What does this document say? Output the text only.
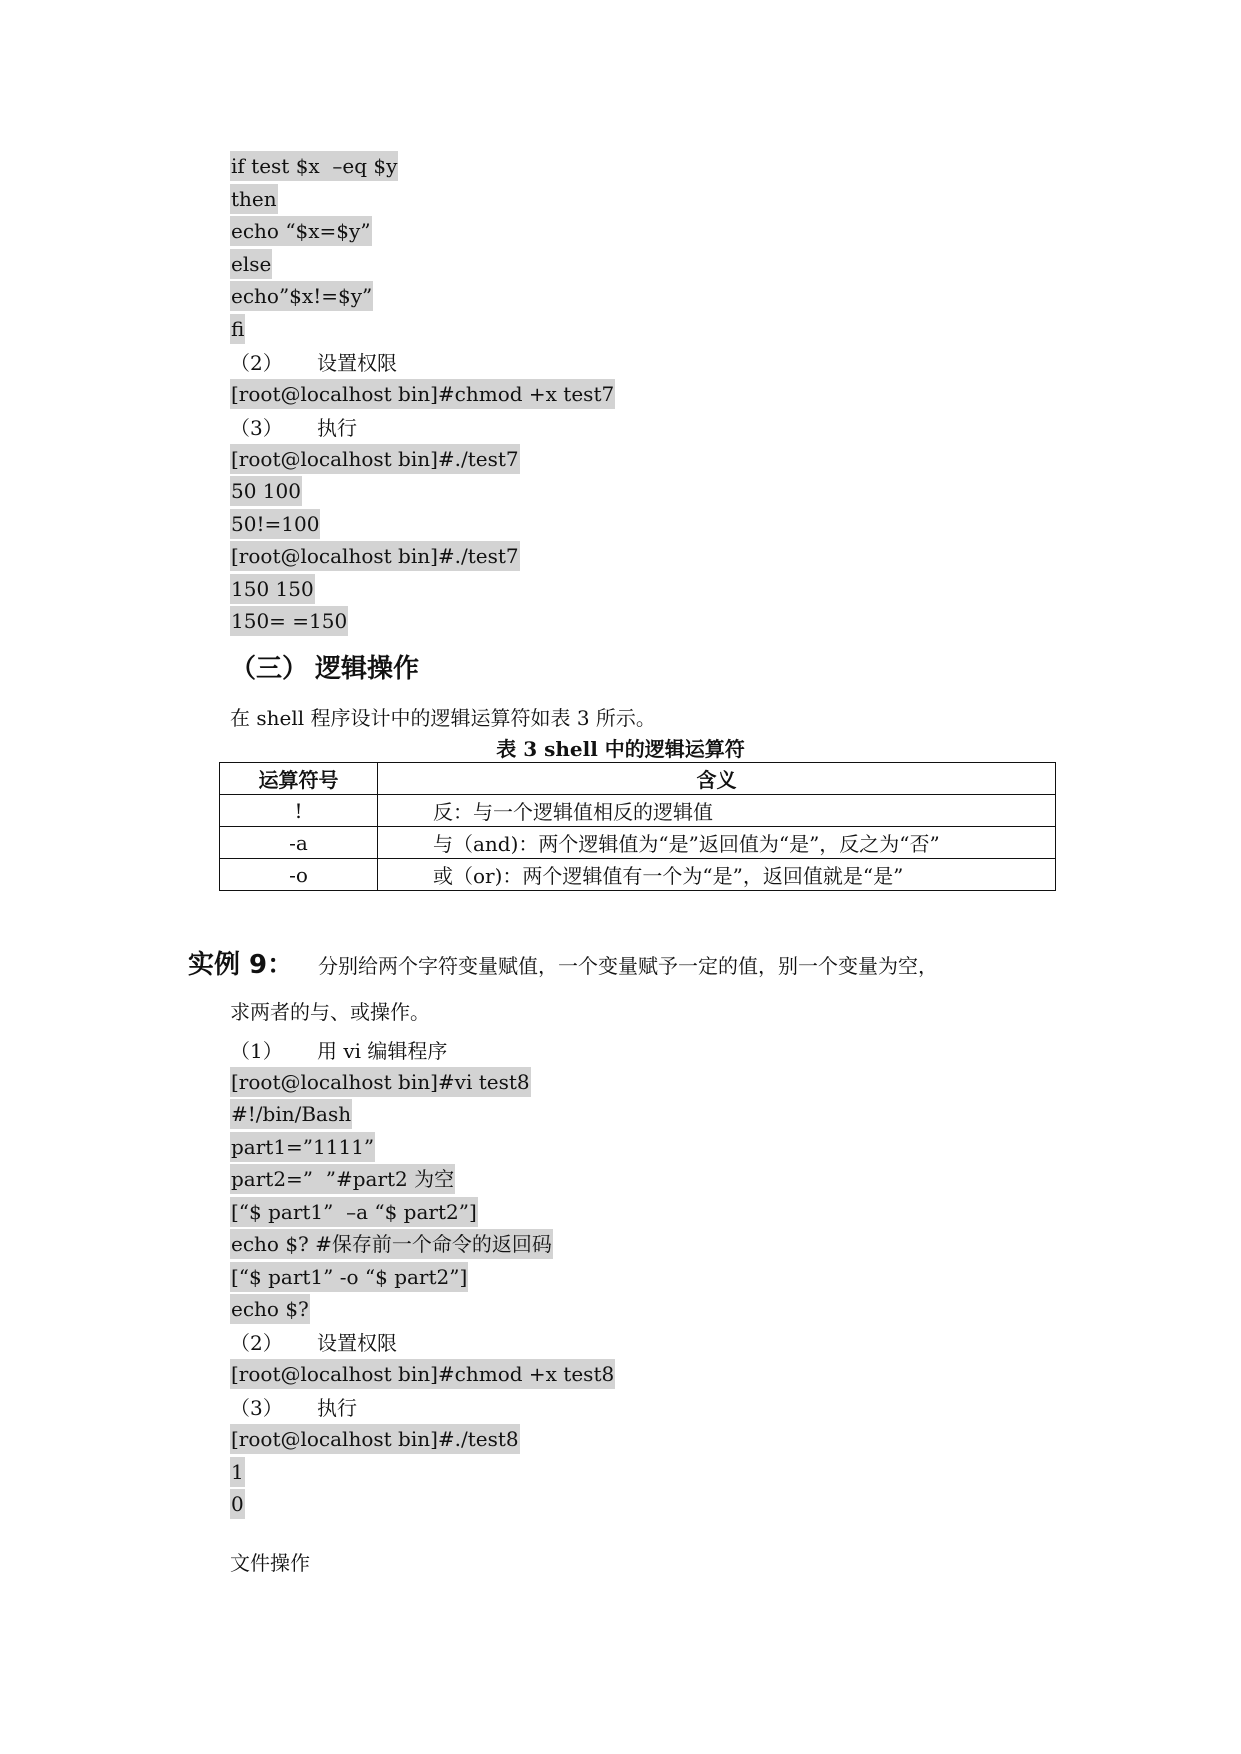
if test $x  –eq $y
then
echo “$x=$y”
else
echo”$x!=$y”
fi
（2）	设置权限
[root@localhost bin]#chmod +x test7
（3）	执行
[root@localhost bin]#./test7
50 100
50!=100
[root@localhost bin]#./test7
150 150
150= =150
（三） 逻辑操作
在 shell 程序设计中的逻辑运算符如表 3 所示。
表 3 shell 中的逻辑运算符
运算符号	含义
!	反：与一个逻辑值相反的逻辑值
-a	与（and)：两个逻辑值为“是”返回值为“是”，反之为“否”
-o	或（or)：两个逻辑值有一个为“是”，返回值就是“是”
实例 9： 分别给两个字符变量赋值，一个变量赋予一定的值，别一个变量为空，
求两者的与、或操作。
（1）	用 vi 编辑程序
[root@localhost bin]#vi test8
#!/bin/Bash
part1=”1111”
part2=”  ”#part2 为空
[“$ part1”  –a “$ part2”]
echo $? #保存前一个命令的返回码
[“$ part1” -o “$ part2”]
echo $?
（2）	设置权限
[root@localhost bin]#chmod +x test8
（3）	执行
[root@localhost bin]#./test8
1
0
文件操作
